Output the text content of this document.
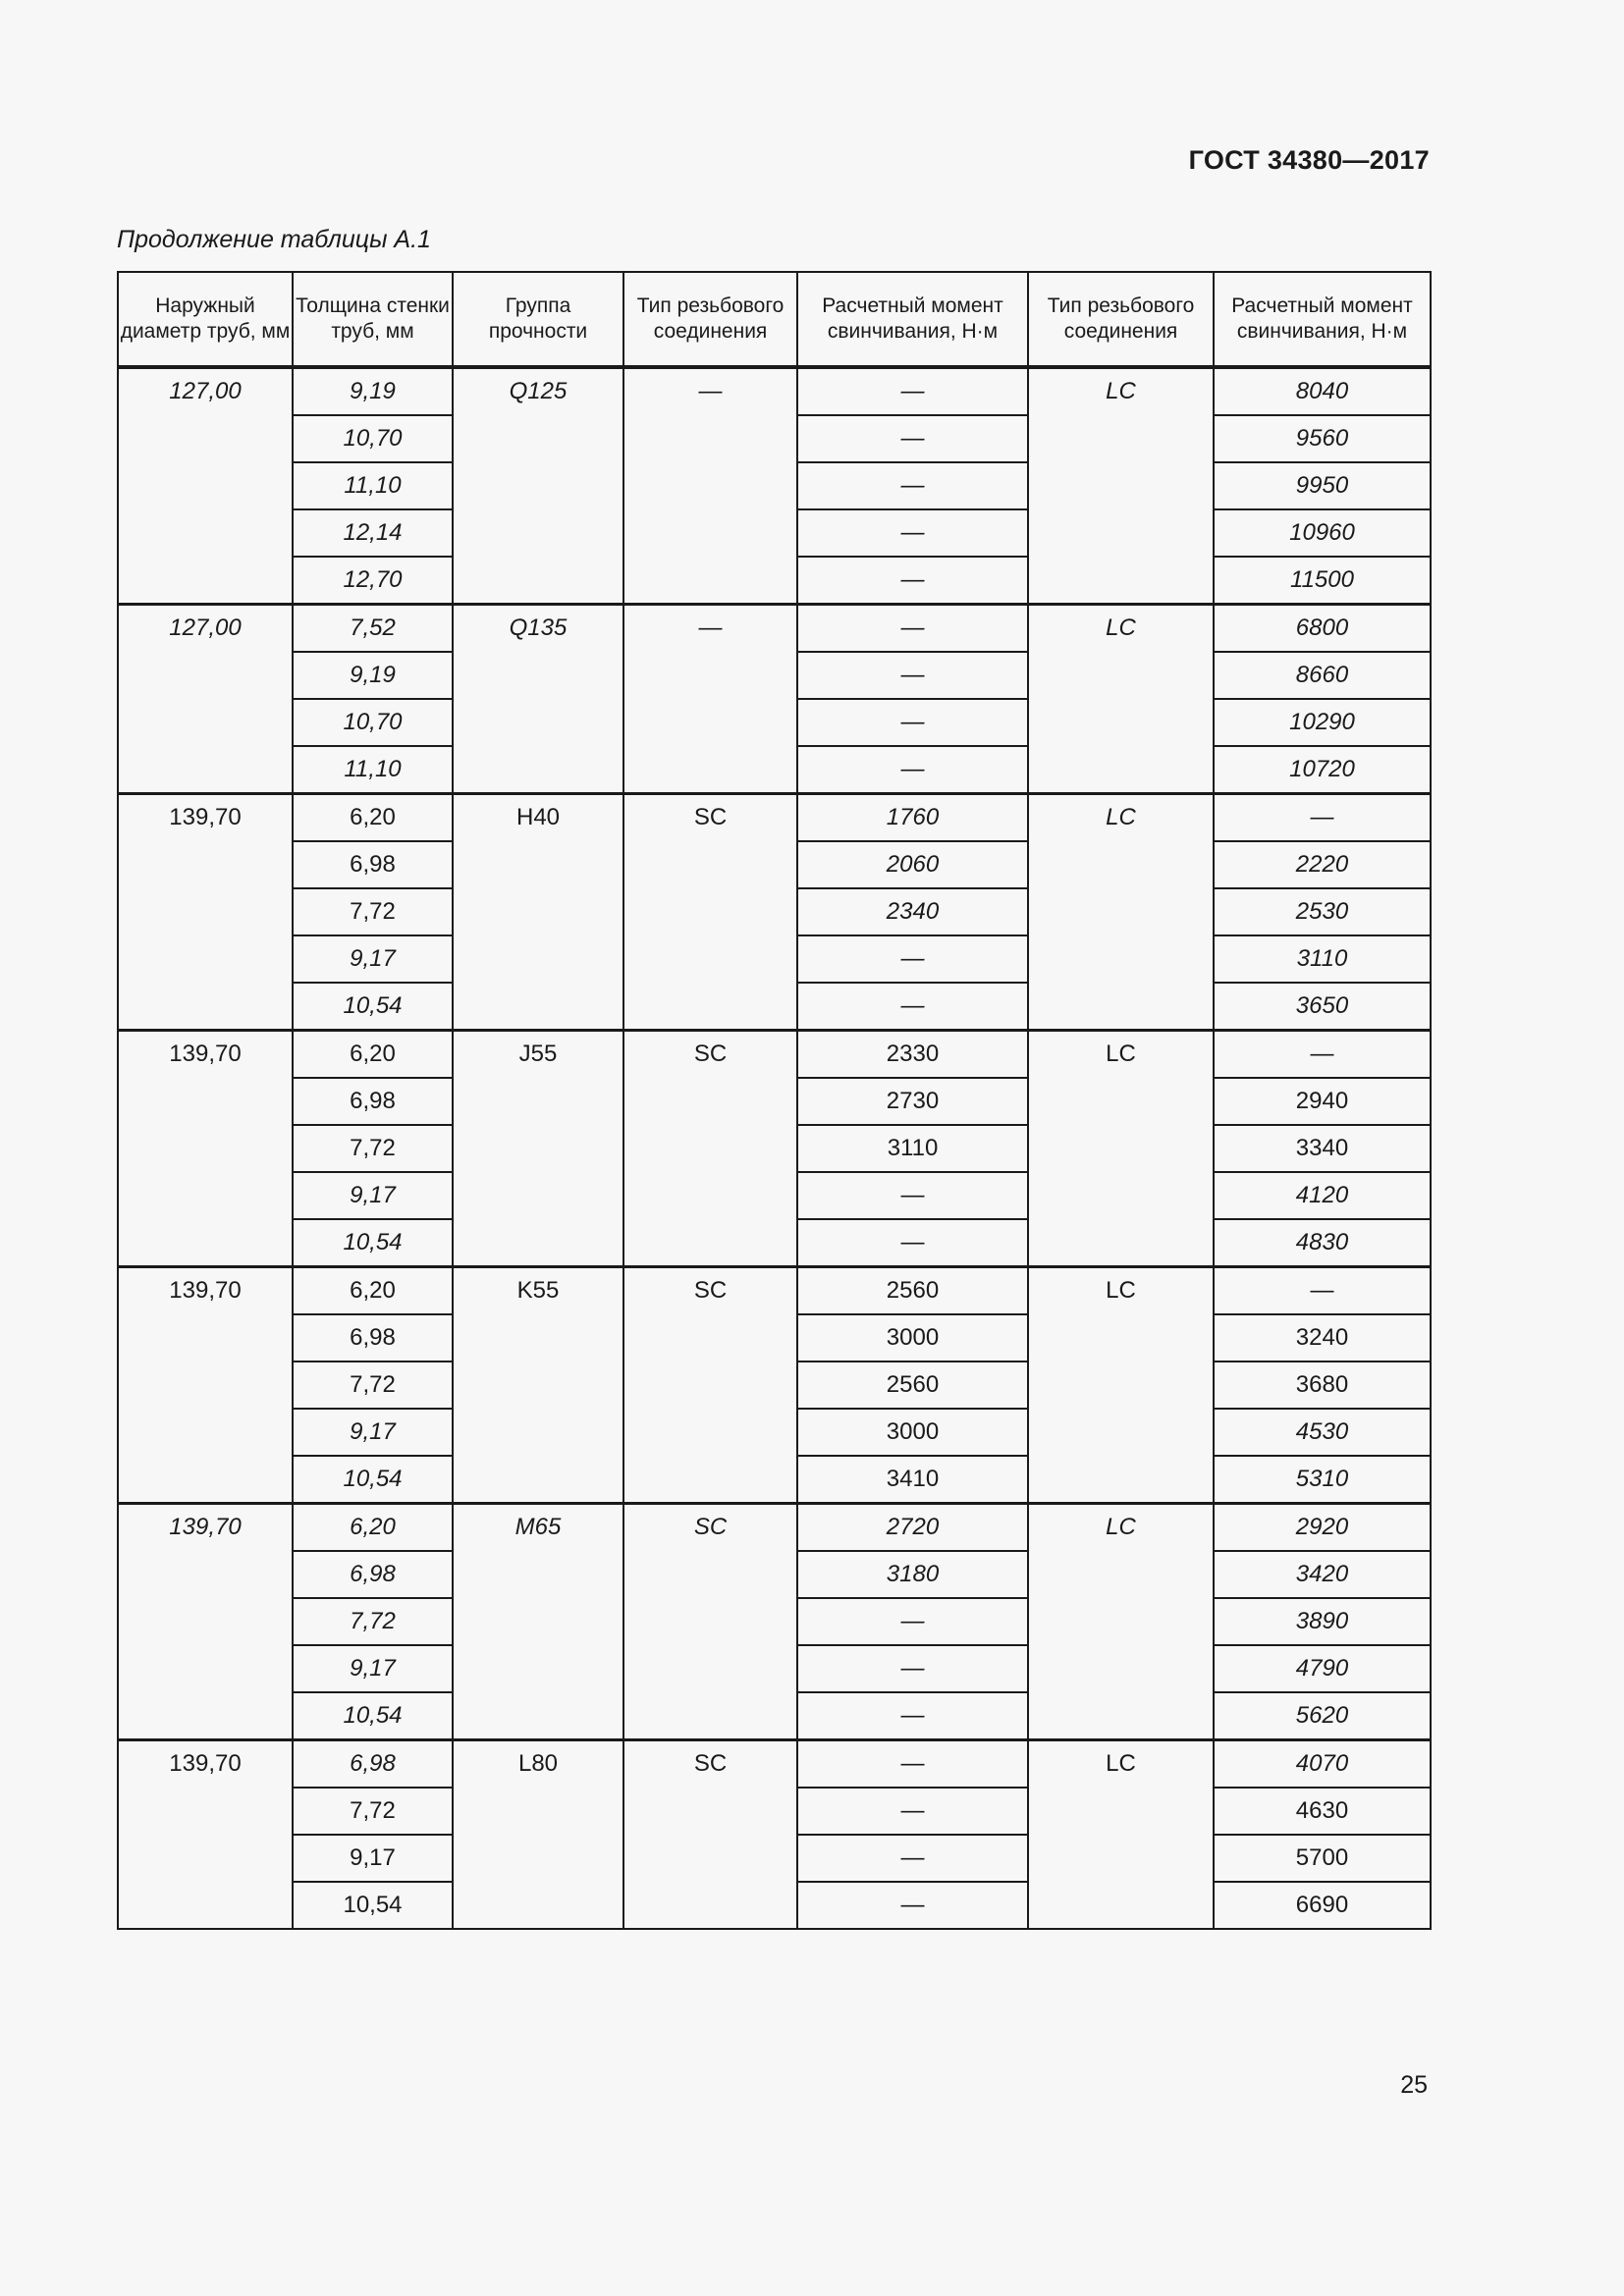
ГОСТ 34380—2017
Продолжение таблицы А.1
Наружный диаметр труб, мм	Толщина стенки труб, мм	Группа прочности	Тип резьбового соединения	Расчетный момент свинчивания, Н·м	Тип резьбового соединения	Расчетный момент свинчивания, Н·м
127,00	9,19	Q125	—	—	LC	8040
	10,70			—		9560
	11,10			—		9950
	12,14			—		10960
	12,70			—		11500
127,00	7,52	Q135	—	—	LC	6800
	9,19			—		8660
	10,70			—		10290
	11,10			—		10720
139,70	6,20	H40	SC	1760	LC	—
	6,98			2060		2220
	7,72			2340		2530
	9,17			—		3110
	10,54			—		3650
139,70	6,20	J55	SC	2330	LC	—
	6,98			2730		2940
	7,72			3110		3340
	9,17			—		4120
	10,54			—		4830
139,70	6,20	K55	SC	2560	LC	—
	6,98			3000		3240
	7,72			2560		3680
	9,17			3000		4530
	10,54			3410		5310
139,70	6,20	M65	SC	2720	LC	2920
	6,98			3180		3420
	7,72			—		3890
	9,17			—		4790
	10,54			—		5620
139,70	6,98	L80	SC	—	LC	4070
	7,72			—		4630
	9,17			—		5700
	10,54			—		6690
25
